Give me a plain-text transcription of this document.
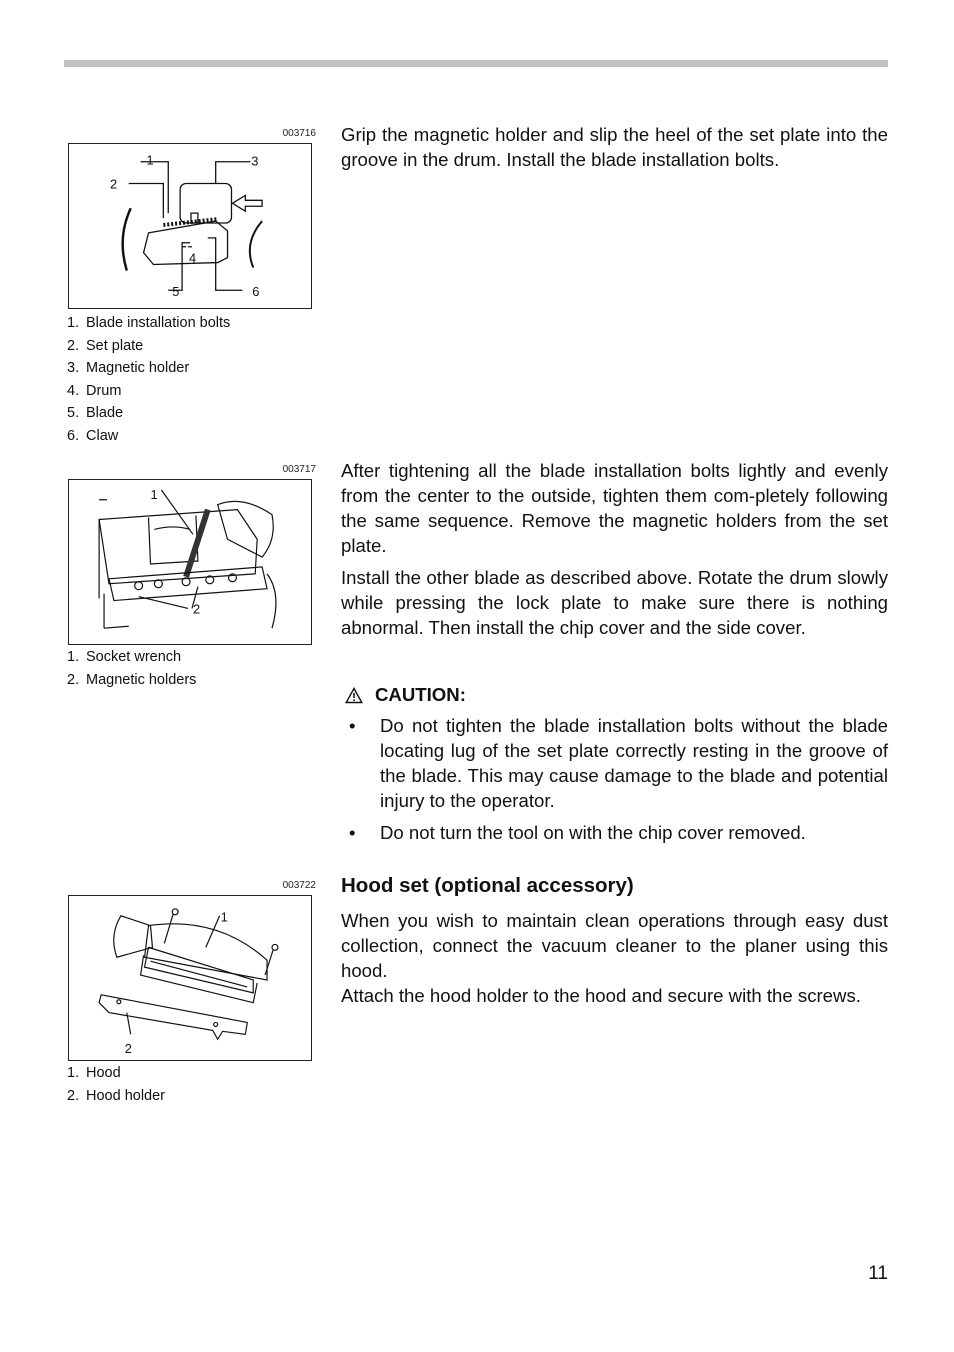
003716
1
2
3
4
5	6
1. Blade installation bolts
2. Set plate
3. Magnetic holder
4. Drum
5. Blade
6. Claw

Grip the magnetic holder and slip the heel of the set plate into the groove in the drum. Install the blade installation bolts.

003717
1
2
1. Socket wrench
2. Magnetic holders

After tightening all the blade installation bolts lightly and evenly from the center to the outside, tighten them com-pletely following the same sequence. Remove the magnetic holders from the set plate.

Install the other blade as described above. Rotate the drum slowly while pressing the lock plate to make sure there is nothing abnormal. Then install the chip cover and the side cover.

CAUTION:
•	Do not tighten the blade installation bolts without the blade locating lug of the set plate correctly resting in the groove of the blade. This may cause damage to the blade and potential injury to the operator.
•	Do not turn the tool on with the chip cover removed.
003722
1
2
1. Hood
2. Hood holder
Hood set (optional accessory)

When you wish to maintain clean operations through easy dust collection, connect the vacuum cleaner to the planer using this hood.

Attach the hood holder to the hood and secure with the screws.

11
